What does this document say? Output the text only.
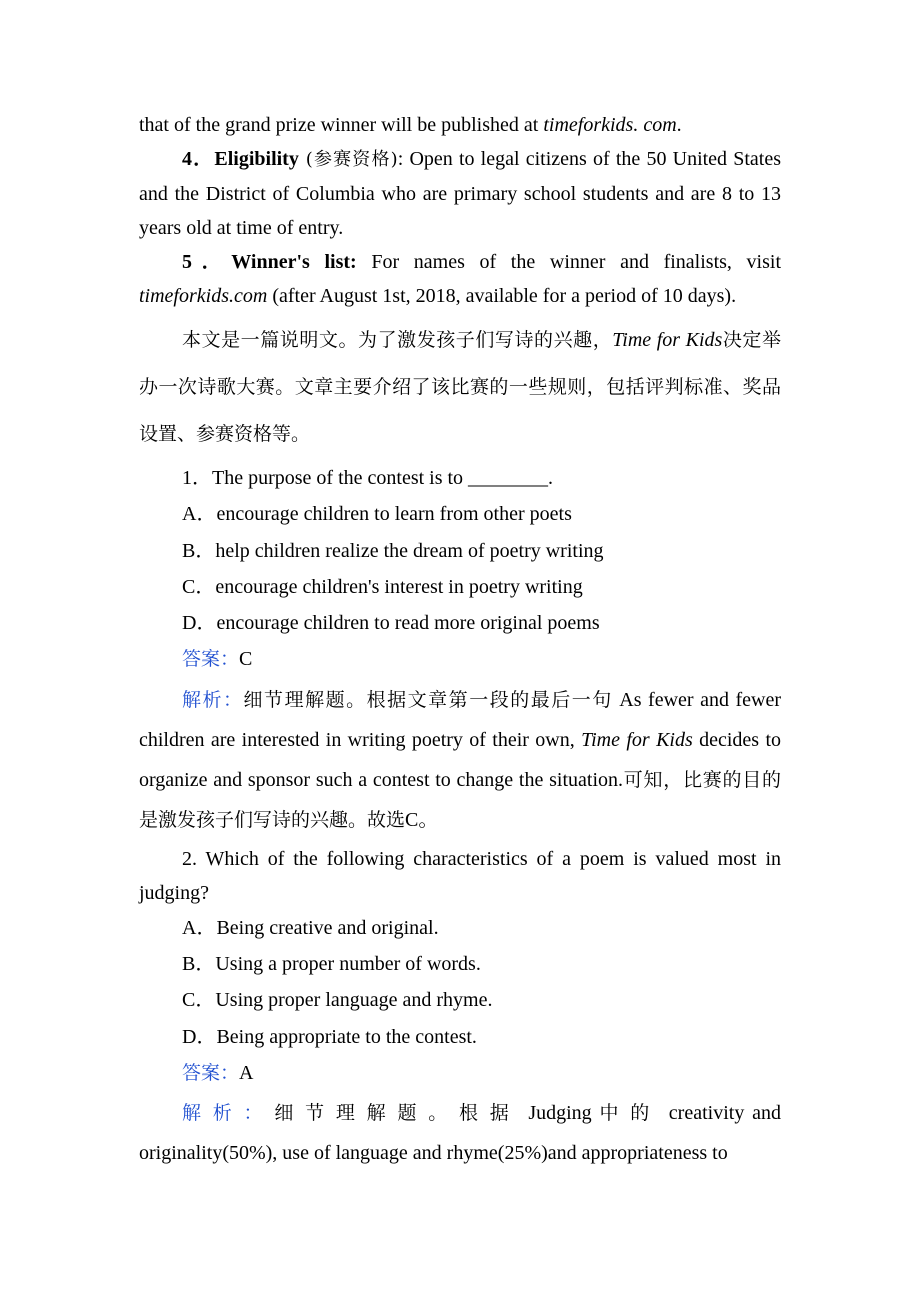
that of the grand prize winner will be published at timeforkids. com.

4．Eligibility (参赛资格): Open to legal citizens of the 50 United States and the District of Columbia who are primary school students and are 8 to 13 years old at time of entry.

5．Winner's list: For names of the winner and finalists, visit timeforkids.com (after August 1st, 2018, available for a period of 10 days).

本文是一篇说明文。为了激发孩子们写诗的兴趣，Time for Kids决定举办一次诗歌大赛。文章主要介绍了该比赛的一些规则，包括评判标准、奖品设置、参赛资格等。

1．The purpose of the contest is to ________.

A．encourage children to learn from other poets

B．help children realize the dream of poetry writing

C．encourage children's interest in poetry writing

D．encourage children to read more original poems

答案：C

解析：细节理解题。根据文章第一段的最后一句 As fewer and fewer children are interested in writing poetry of their own, Time for Kids decides to organize and sponsor such a contest to change the situation.可知，比赛的目的是激发孩子们写诗的兴趣。故选C。

2. Which of the following characteristics of a poem is valued most in judging?

A．Being creative and original.

B．Using a proper number of words.

C．Using proper language and rhyme.

D．Being appropriate to the contest.

答案：A

解析：细节理解题。根据 Judging 中的 creativity and originality(50%), use of language and rhyme(25%)and appropriateness to
